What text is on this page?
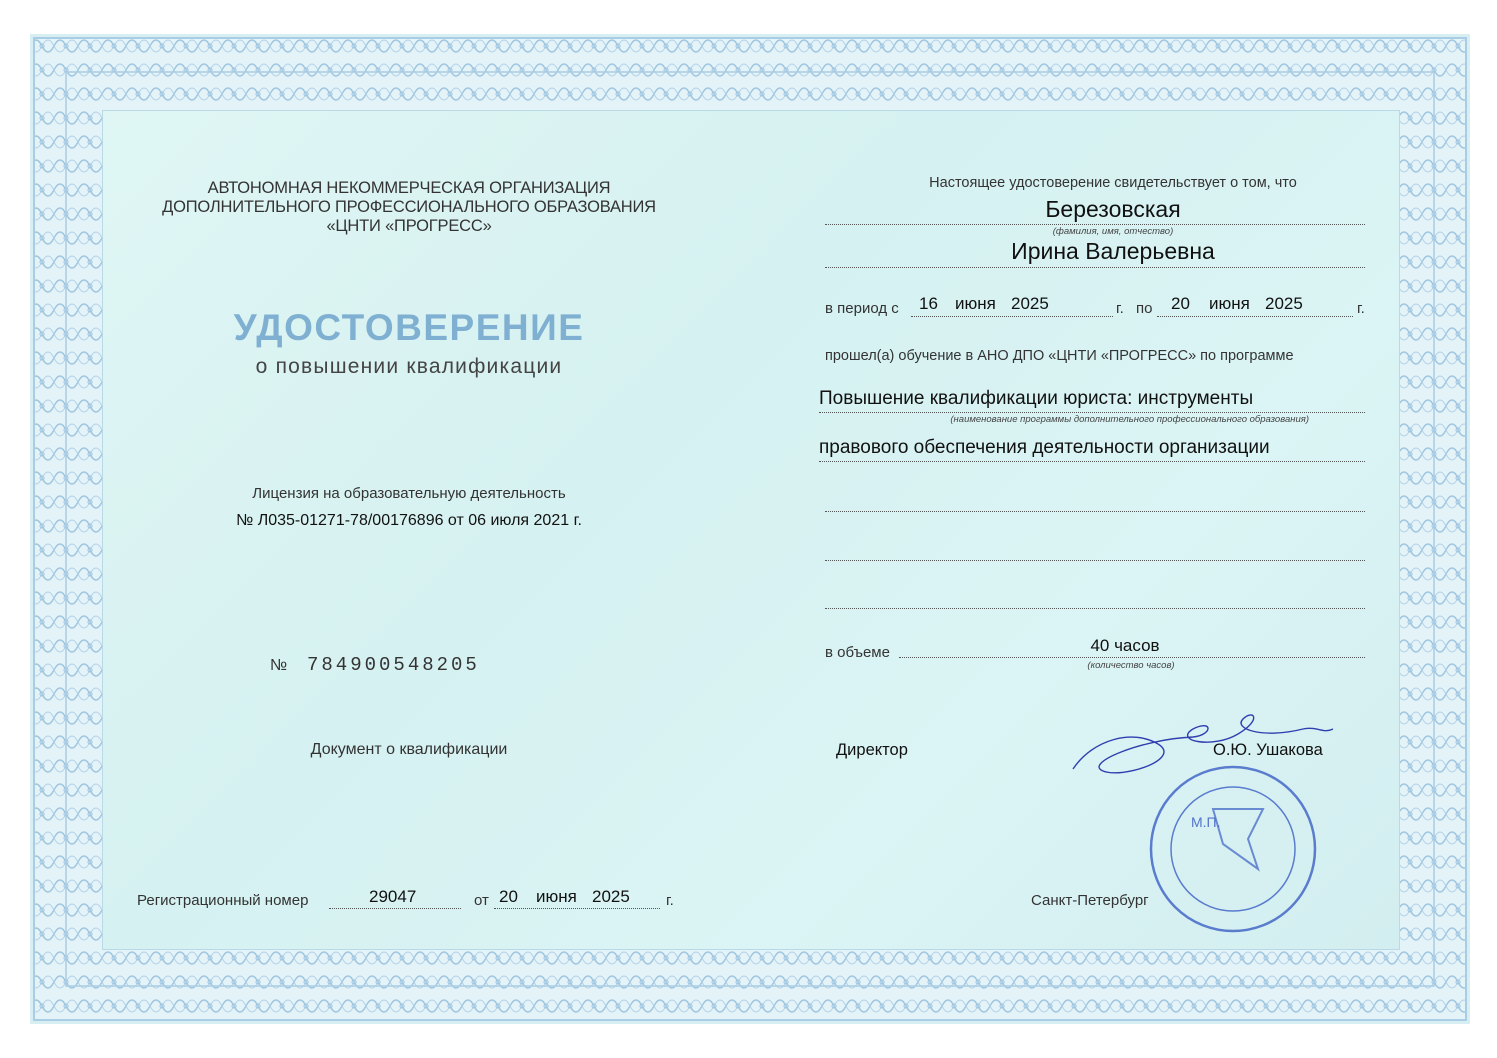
АВТОНОМНАЯ НЕКОММЕРЧЕСКАЯ ОРГАНИЗАЦИЯ
ДОПОЛНИТЕЛЬНОГО ПРОФЕССИОНАЛЬНОГО ОБРАЗОВАНИЯ
«ЦНТИ «ПРОГРЕСС»
УДОСТОВЕРЕНИЕ
о повышении квалификации
Лицензия на образовательную деятельность
№ Л035-01271-78/00176896 от 06 июля 2021 г.
№ 784900548205
Документ о квалификации
Регистрационный номер	29047	от 20 июня 2025 г.
Настоящее удостоверение свидетельствует о том, что
Березовская
(фамилия, имя, отчество)
Ирина Валерьевна
в период с 16 июня 2025	г. по 20 июня 2025	г.
прошел(а) обучение в АНО ДПО «ЦНТИ «ПРОГРЕСС» по программе
Повышение квалификации юриста: инструменты
(наименование программы дополнительного профессионального образования)
правового обеспечения деятельности организации
в объеме	40 часов
(количество часов)
Директор	О.Ю. Ушакова
Санкт-Петербург
М.П.
